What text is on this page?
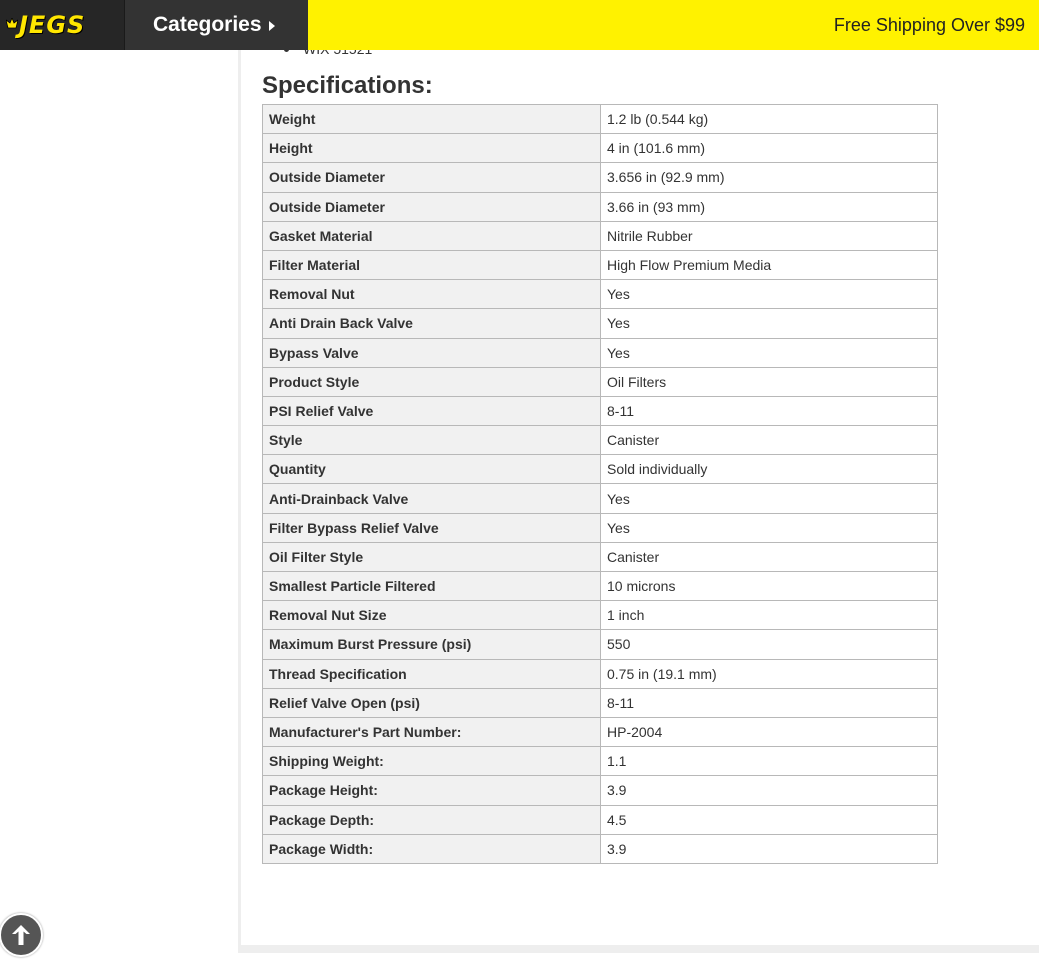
JEGS	Categories	Free Shipping Over $99
Specifications:
Weight	1.2 lb (0.544 kg)
Height	4 in (101.6 mm)
Outside Diameter	3.656 in (92.9 mm)
Outside Diameter	3.66 in (93 mm)
Gasket Material	Nitrile Rubber
Filter Material	High Flow Premium Media
Removal Nut	Yes
Anti Drain Back Valve	Yes
Bypass Valve	Yes
Product Style	Oil Filters
PSI Relief Valve	8-11
Style	Canister
Quantity	Sold individually
Anti-Drainback Valve	Yes
Filter Bypass Relief Valve	Yes
Oil Filter Style	Canister
Smallest Particle Filtered	10 microns
Removal Nut Size	1 inch
Maximum Burst Pressure (psi)	550
Thread Specification	0.75 in (19.1 mm)
Relief Valve Open (psi)	8-11
Manufacturer's Part Number:	HP-2004
Shipping Weight:	1.1
Package Height:	3.9
Package Depth:	4.5
Package Width:	3.9
